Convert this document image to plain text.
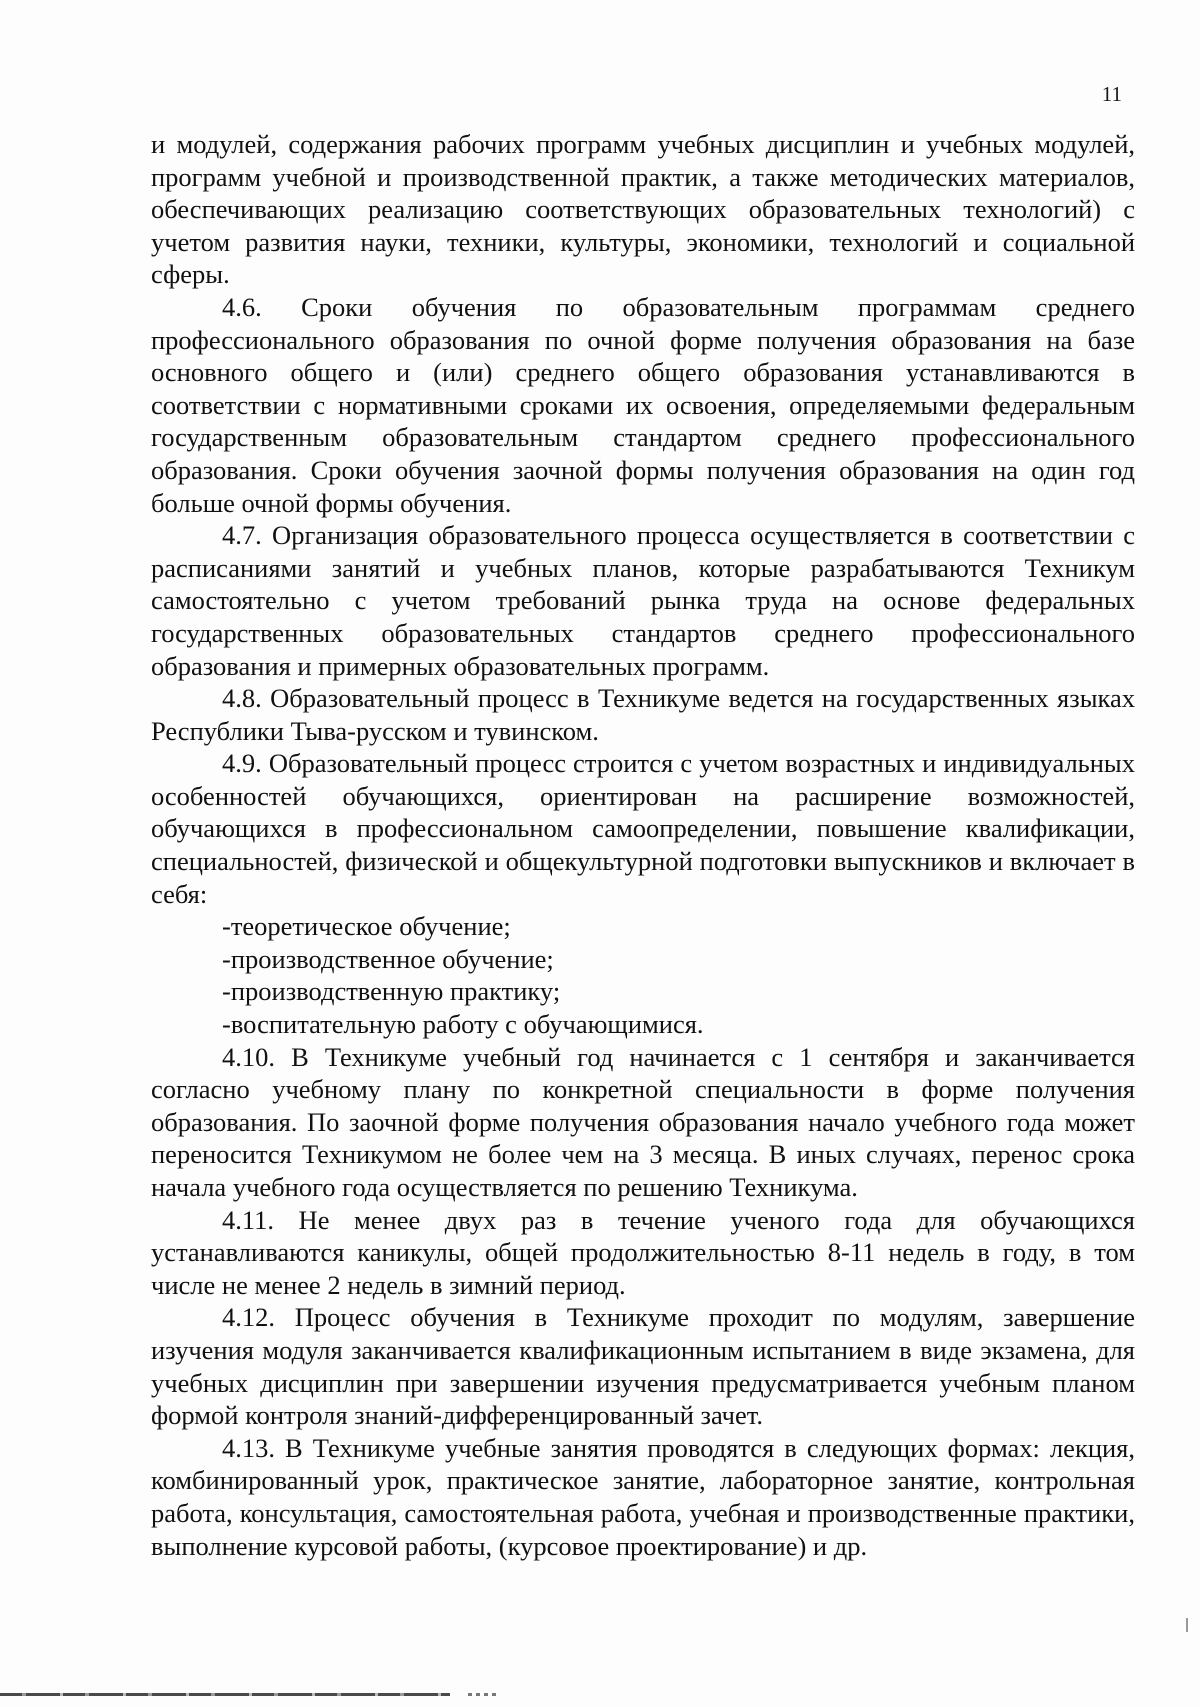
11

и модулей, содержания рабочих программ учебных дисциплин и учебных модулей, программ учебной и производственной практик, а также методических материалов, обеспечивающих реализацию соответствующих образовательных технологий) с учетом развития науки, техники, культуры, экономики, технологий и социальной сферы.

4.6. Сроки обучения по образовательным программам среднего профессионального образования по очной форме получения образования на базе основного общего и (или) среднего общего образования устанавливаются в соответствии с нормативными сроками их освоения, определяемыми федеральным государственным образовательным стандартом среднего профессионального образования. Сроки обучения заочной формы получения образования на один год больше очной формы обучения.

4.7. Организация образовательного процесса осуществляется в соответствии с расписаниями занятий и учебных планов, которые разрабатываются Техникум самостоятельно с учетом требований рынка труда на основе федеральных государственных образовательных стандартов среднего профессионального образования и примерных образовательных программ.

4.8. Образовательный процесс в Техникуме ведется на государственных языках Республики Тыва-русском и тувинском.

4.9. Образовательный процесс строится с учетом возрастных и индивидуальных особенностей обучающихся, ориентирован на расширение возможностей, обучающихся в профессиональном самоопределении, повышение квалификации, специальностей, физической и общекультурной подготовки выпускников и включает в себя:

-теоретическое обучение;

-производственное обучение;

-производственную практику;

-воспитательную работу с обучающимися.

4.10. В Техникуме учебный год начинается с 1 сентября и заканчивается согласно учебному плану по конкретной специальности в форме получения образования. По заочной форме получения образования начало учебного года может переносится Техникумом не более чем на 3 месяца. В иных случаях, перенос срока начала учебного года осуществляется по решению Техникума.

4.11. Не менее двух раз в течение ученого года для обучающихся устанавливаются каникулы, общей продолжительностью 8-11 недель в году, в том числе не менее 2 недель в зимний период.

4.12. Процесс обучения в Техникуме проходит по модулям, завершение изучения модуля заканчивается квалификационным испытанием в виде экзамена, для учебных дисциплин при завершении изучения предусматривается учебным планом формой контроля знаний-дифференцированный зачет.

4.13. В Техникуме учебные занятия проводятся в следующих формах: лекция, комбинированный урок, практическое занятие, лабораторное занятие, контрольная работа, консультация, самостоятельная работа, учебная и производственные практики, выполнение курсовой работы, (курсовое проектирование) и др.
